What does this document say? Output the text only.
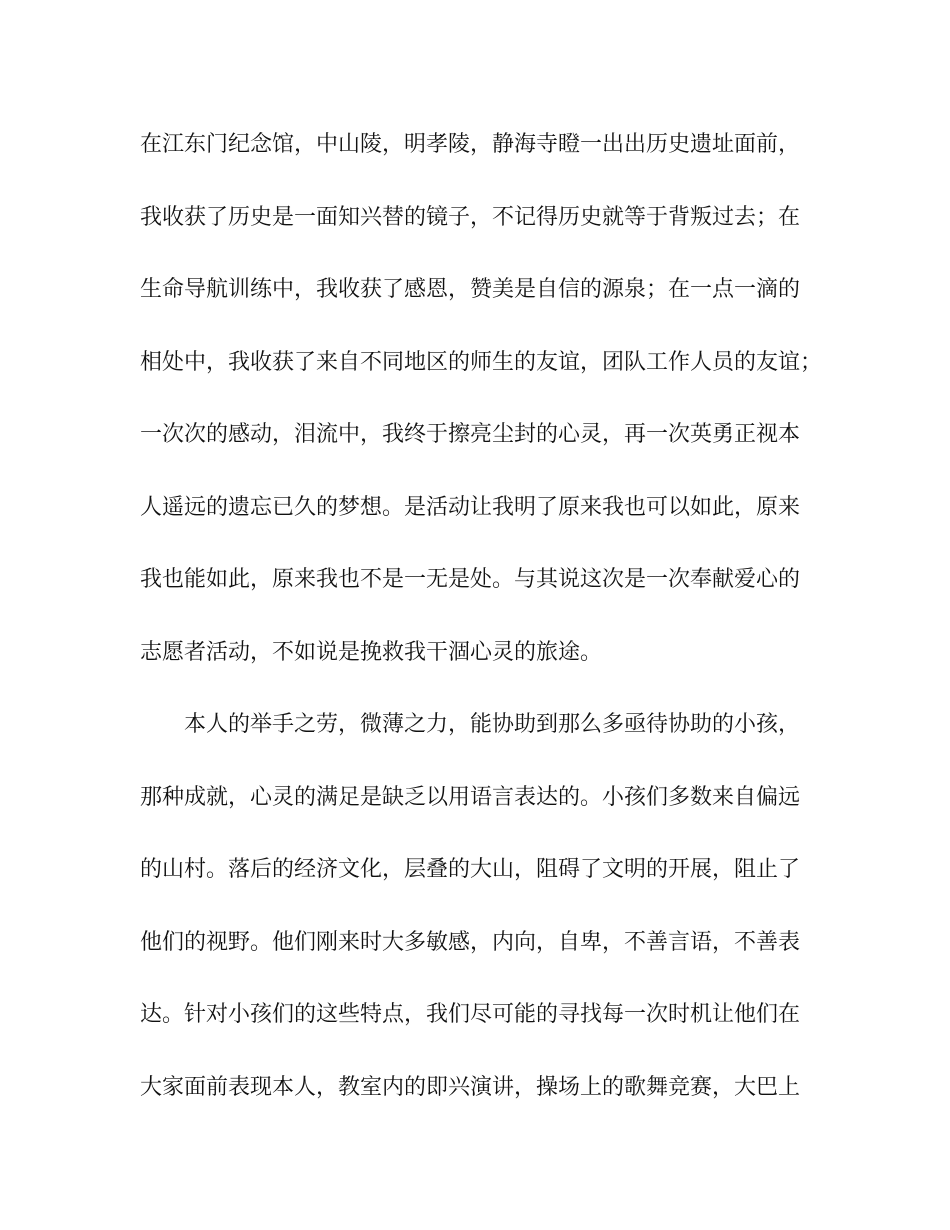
在江东门纪念馆，中山陵，明孝陵，静海寺瞪一出出历史遗址面前，
我收获了历史是一面知兴替的镜子，不记得历史就等于背叛过去；在
生命导航训练中，我收获了感恩，赞美是自信的源泉；在一点一滴的
相处中，我收获了来自不同地区的师生的友谊，团队工作人员的友谊；
一次次的感动，泪流中，我终于擦亮尘封的心灵，再一次英勇正视本
人遥远的遗忘已久的梦想。是活动让我明了原来我也可以如此，原来
我也能如此，原来我也不是一无是处。与其说这次是一次奉献爱心的
志愿者活动，不如说是挽救我干涸心灵的旅途。
本人的举手之劳，微薄之力，能协助到那么多亟待协助的小孩，
那种成就，心灵的满足是缺乏以用语言表达的。小孩们多数来自偏远
的山村。落后的经济文化，层叠的大山，阻碍了文明的开展，阻止了
他们的视野。他们刚来时大多敏感，内向，自卑，不善言语，不善表
达。针对小孩们的这些特点，我们尽可能的寻找每一次时机让他们在
大家面前表现本人，教室内的即兴演讲，操场上的歌舞竞赛，大巴上
